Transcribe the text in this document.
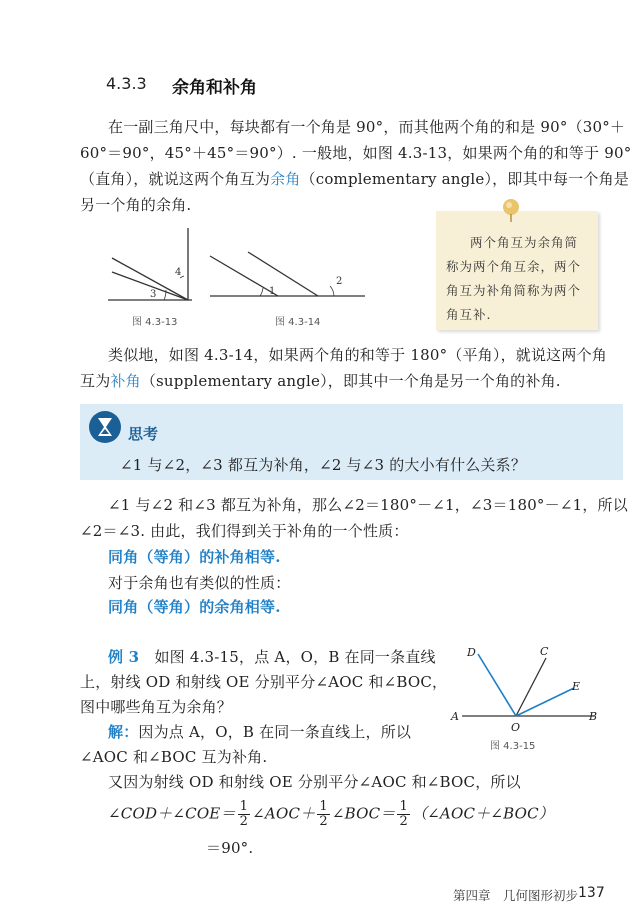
4.3.3 余角和补角
在一副三角尺中，每块都有一个角是 90°，而其他两个角的和是 90°（30°＋
60°＝90°，45°＋45°＝90°）. 一般地，如图 4.3-13，如果两个角的和等于 90°
（直角），就说这两个角互为余角（complementary angle），即其中每一个角是
另一个角的余角.
4
3	1
2
图 4.3-13	图 4.3-14
两个角互为余角简
称为两个角互余，两个
角互为补角简称为两个
角互补.
类似地，如图 4.3-14，如果两个角的和等于 180°（平角），就说这两个角
互为补角（supplementary angle），即其中一个角是另一个角的补角.
思考
∠1 与∠2，∠3 都互为补角，∠2 与∠3 的大小有什么关系？
∠1 与∠2 和∠3 都互为补角，那么∠2＝180°－∠1，∠3＝180°－∠1，所以
∠2＝∠3. 由此，我们得到关于补角的一个性质：
同角（等角）的补角相等.
对于余角也有类似的性质：
同角（等角）的余角相等.
例 3　 如图 4.3-15，点 A，O，B 在同一条直线
上，射线 OD 和射线 OE 分别平分∠AOC 和∠BOC，
图中哪些角互为余角？
解：因为点 A，O，B 在同一条直线上，所以
∠AOC 和∠BOC 互为补角.
又因为射线 OD 和射线 OE 分别平分∠AOC 和∠BOC，所以
∠COD＋∠COE＝ $\frac{1}{2}$ ∠AOC＋ $\frac{1}{2}$ ∠BOC＝ $\frac{1}{2}$ （∠AOC＋∠BOC）
＝90°.
D	C
E
A
O
B
图 4.3-15
第四章　几何图形初步 137
